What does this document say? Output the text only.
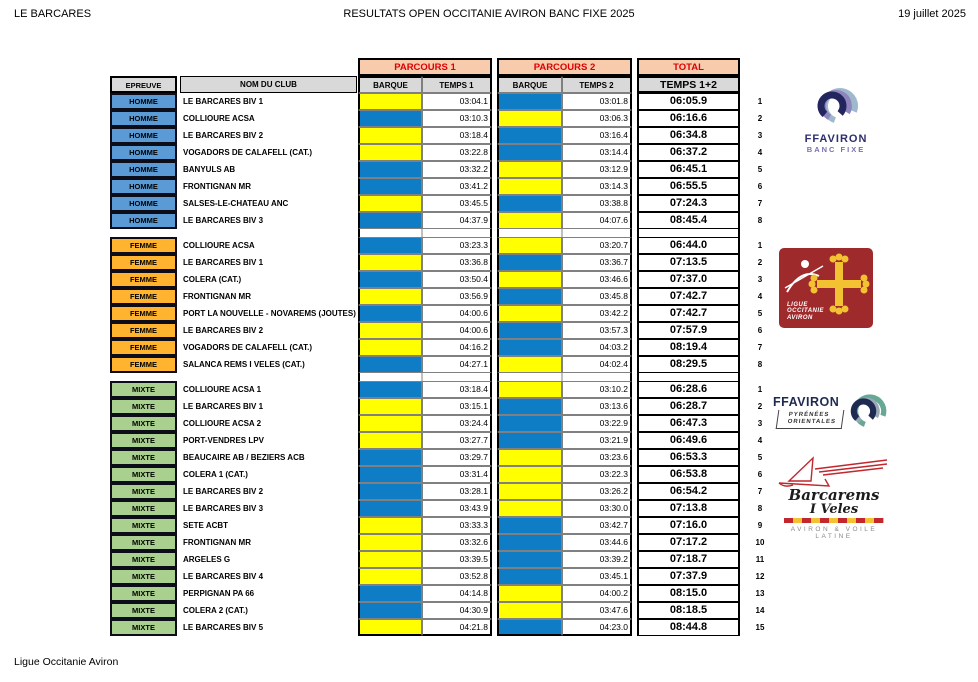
LE BARCARES	RESULTATS OPEN OCCITANIE AVIRON BANC FIXE 2025	19 juillet 2025
PARCOURS 1	PARCOURS 2	TOTAL
EPREUVE	NOM DU CLUB	BARQUE	TEMPS 1	BARQUE	TEMPS 2	TEMPS 1+2
HOMME	LE BARCARES BIV 1	03:04.1	03:01.8	06:05.9	1
HOMME	COLLIOURE ACSA	03:10.3	03:06.3	06:16.6	2
HOMME	LE BARCARES BIV 2	03:18.4	03:16.4	06:34.8	3
HOMME	VOGADORS DE CALAFELL (CAT.)	03:22.8	03:14.4	06:37.2	4
HOMME	BANYULS AB	03:32.2	03:12.9	06:45.1	5
HOMME	FRONTIGNAN MR	03:41.2	03:14.3	06:55.5	6
HOMME	SALSES-LE-CHATEAU ANC	03:45.5	03:38.8	07:24.3	7
HOMME	LE BARCARES BIV 3	04:37.9	04:07.6	08:45.4	8
FEMME	COLLIOURE ACSA	03:23.3	03:20.7	06:44.0	1
FEMME	LE BARCARES BIV 1	03:36.8	03:36.7	07:13.5	2
FEMME	COLERA (CAT.)	03:50.4	03:46.6	07:37.0	3
FEMME	FRONTIGNAN MR	03:56.9	03:45.8	07:42.7	4
FEMME	PORT LA NOUVELLE - NOVAREMS (JOUTES)	04:00.6	03:42.2	07:42.7	5
FEMME	LE BARCARES BIV 2	04:00.6	03:57.3	07:57.9	6
FEMME	VOGADORS DE CALAFELL (CAT.)	04:16.2	04:03.2	08:19.4	7
FEMME	SALANCA REMS I VELES (CAT.)	04:27.1	04:02.4	08:29.5	8
MIXTE	COLLIOURE ACSA 1	03:18.4	03:10.2	06:28.6	1
MIXTE	LE BARCARES BIV 1	03:15.1	03:13.6	06:28.7	2
MIXTE	COLLIOURE ACSA 2	03:24.4	03:22.9	06:47.3	3
MIXTE	PORT-VENDRES LPV	03:27.7	03:21.9	06:49.6	4
MIXTE	BEAUCAIRE AB / BEZIERS ACB	03:29.7	03:23.6	06:53.3	5
MIXTE	COLERA 1 (CAT.)	03:31.4	03:22.3	06:53.8	6
MIXTE	LE BARCARES BIV 2	03:28.1	03:26.2	06:54.2	7
MIXTE	LE BARCARES BIV 3	03:43.9	03:30.0	07:13.8	8
MIXTE	SETE ACBT	03:33.3	03:42.7	07:16.0	9
MIXTE	FRONTIGNAN MR	03:32.6	03:44.6	07:17.2	10
MIXTE	ARGELES G	03:39.5	03:39.2	07:18.7	11
MIXTE	LE BARCARES BIV 4	03:52.8	03:45.1	07:37.9	12
MIXTE	PERPIGNAN PA 66	04:14.8	04:00.2	08:15.0	13
MIXTE	COLERA 2 (CAT.)	04:30.9	03:47.6	08:18.5	14
MIXTE	LE BARCARES BIV 5	04:21.8	04:23.0	08:44.8	15
Ligue Occitanie Aviron
FFAVIRON
BANC FIXE
LIGUE
OCCITANIE
AVIRON
FFAVIRON
PYRÉNÉES
ORIENTALES
Barcarems
I Veles
AVIRON & VOILE LATINE
